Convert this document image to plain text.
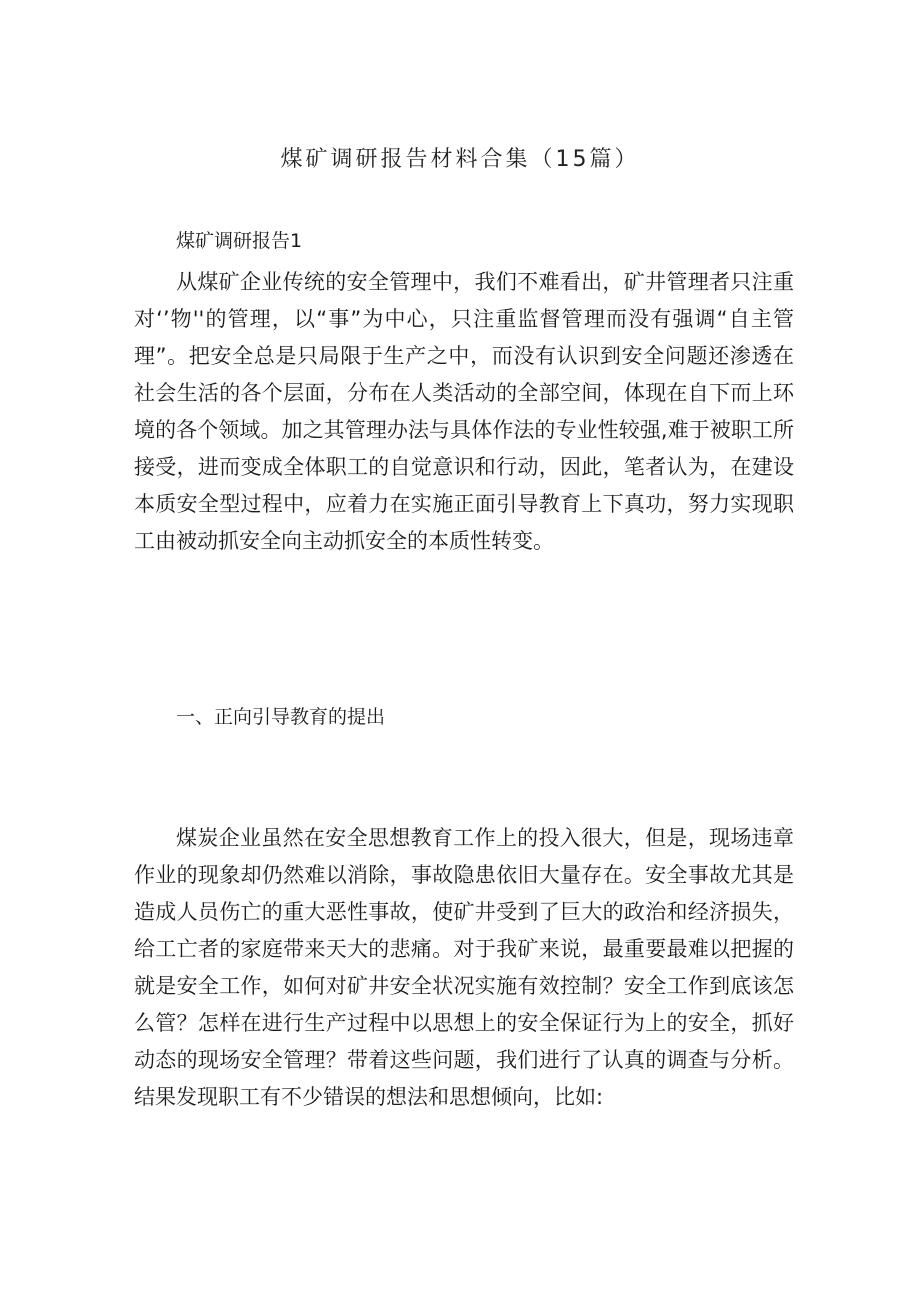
煤矿调研报告材料合集（15篇）
煤矿调研报告1

从煤矿企业传统的安全管理中，我们不难看出，矿井管理者只注重对‘’物''的管理，以“事”为中心，只注重监督管理而没有强调“自主管理”。把安全总是只局限于生产之中，而没有认识到安全问题还渗透在社会生活的各个层面，分布在人类活动的全部空间，体现在自下而上环境的各个领域。加之其管理办法与具体作法的专业性较强,难于被职工所接受，进而变成全体职工的自觉意识和行动，因此，笔者认为，在建设本质安全型过程中，应着力在实施正面引导教育上下真功，努力实现职工由被动抓安全向主动抓安全的本质性转变。

一、正向引导教育的提出

煤炭企业虽然在安全思想教育工作上的投入很大，但是，现场违章作业的现象却仍然难以消除，事故隐患依旧大量存在。安全事故尤其是造成人员伤亡的重大恶性事故，使矿井受到了巨大的政治和经济损失，给工亡者的家庭带来天大的悲痛。对于我矿来说，最重要最难以把握的就是安全工作，如何对矿井安全状况实施有效控制？安全工作到底该怎么管？怎样在进行生产过程中以思想上的安全保证行为上的安全，抓好动态的现场安全管理？带着这些问题，我们进行了认真的调查与分析。结果发现职工有不少错误的想法和思想倾向，比如:
